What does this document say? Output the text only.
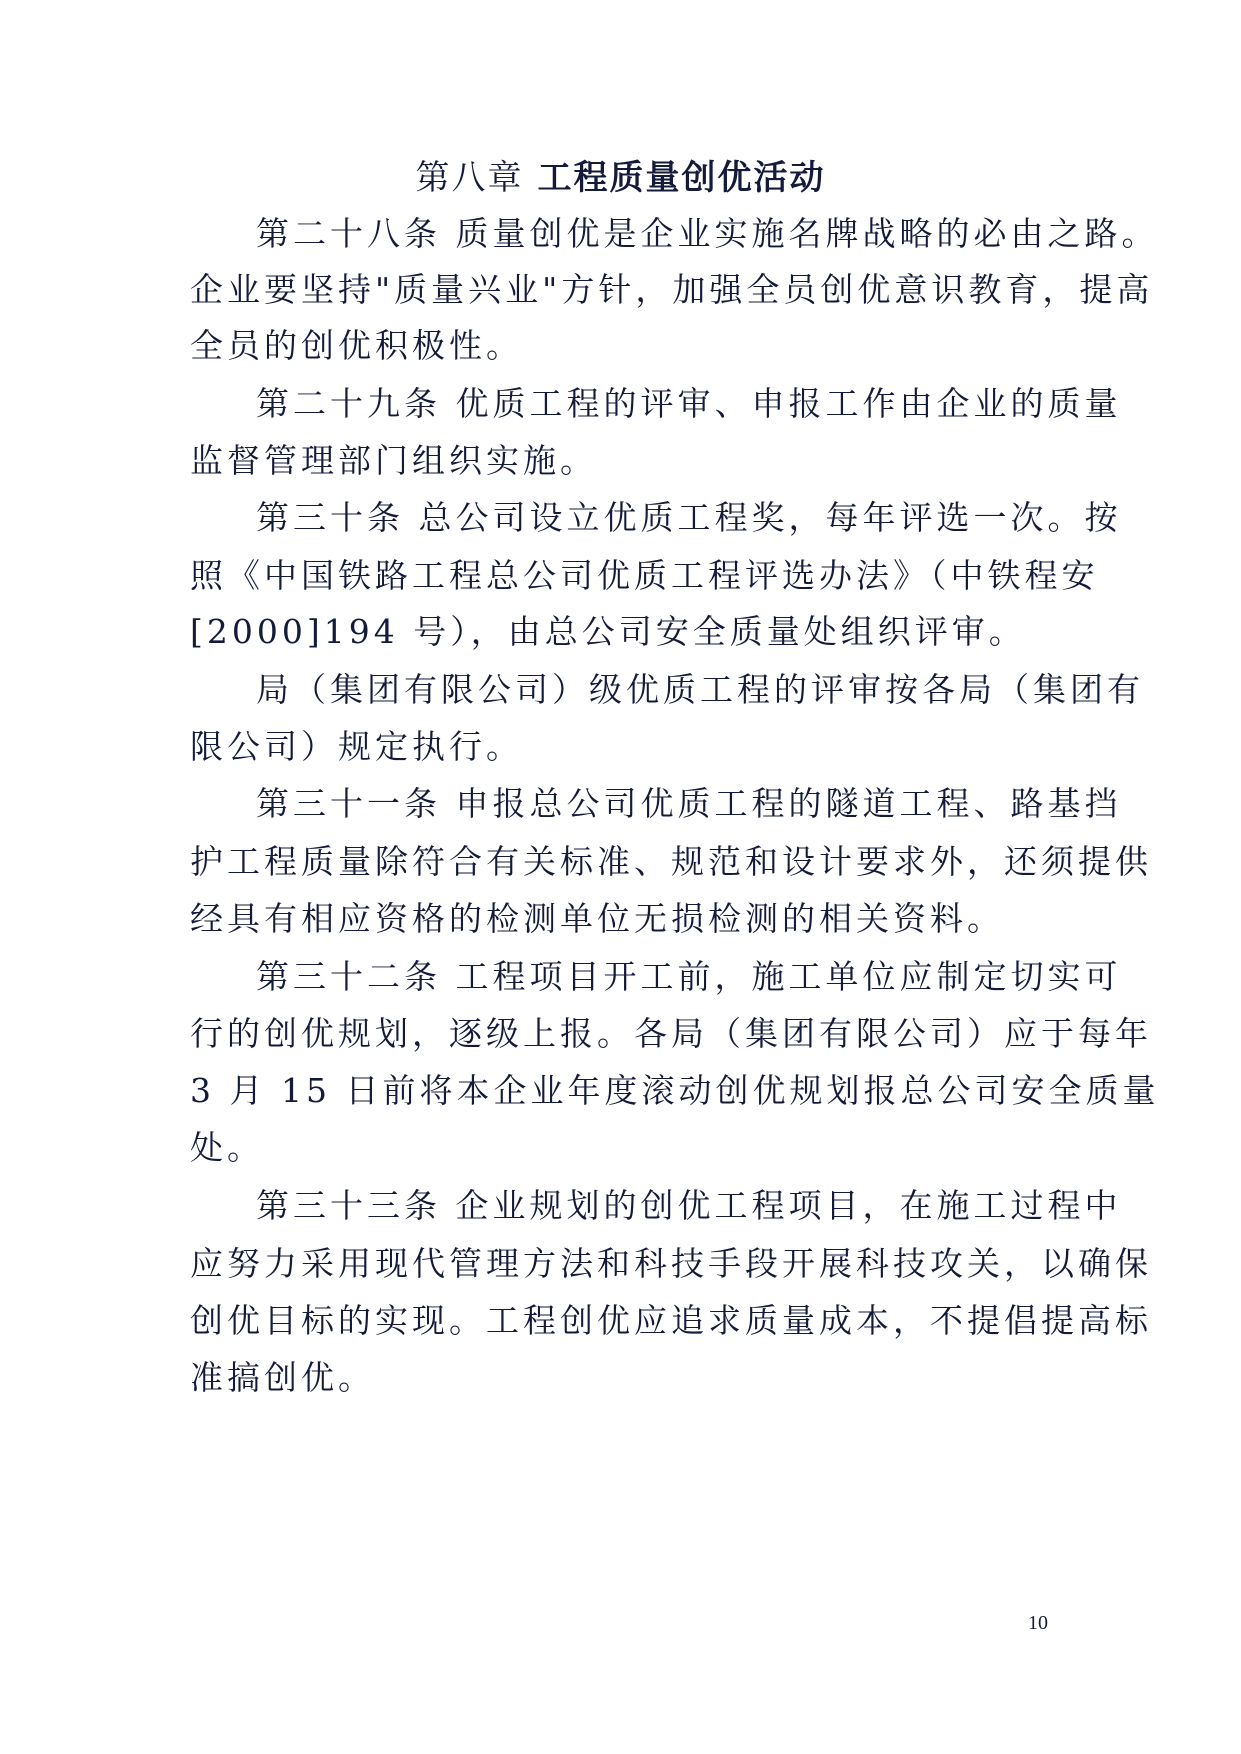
第八章 工程质量创优活动
第二十八条 质量创优是企业实施名牌战略的必由之路。
企业要坚持"质量兴业"方针，加强全员创优意识教育，提高
全员的创优积极性。
第二十九条 优质工程的评审、申报工作由企业的质量
监督管理部门组织实施。
第三十条 总公司设立优质工程奖，每年评选一次。按
照《中国铁路工程总公司优质工程评选办法》（中铁程安
[2000]194 号），由总公司安全质量处组织评审。
局（集团有限公司）级优质工程的评审按各局（集团有
限公司）规定执行。
第三十一条 申报总公司优质工程的隧道工程、路基挡
护工程质量除符合有关标准、规范和设计要求外，还须提供
经具有相应资格的检测单位无损检测的相关资料。
第三十二条 工程项目开工前，施工单位应制定切实可
行的创优规划，逐级上报。各局（集团有限公司）应于每年
3 月 15 日前将本企业年度滚动创优规划报总公司安全质量
处。
第三十三条 企业规划的创优工程项目，在施工过程中
应努力采用现代管理方法和科技手段开展科技攻关，以确保
创优目标的实现。工程创优应追求质量成本，不提倡提高标
准搞创优。
10
